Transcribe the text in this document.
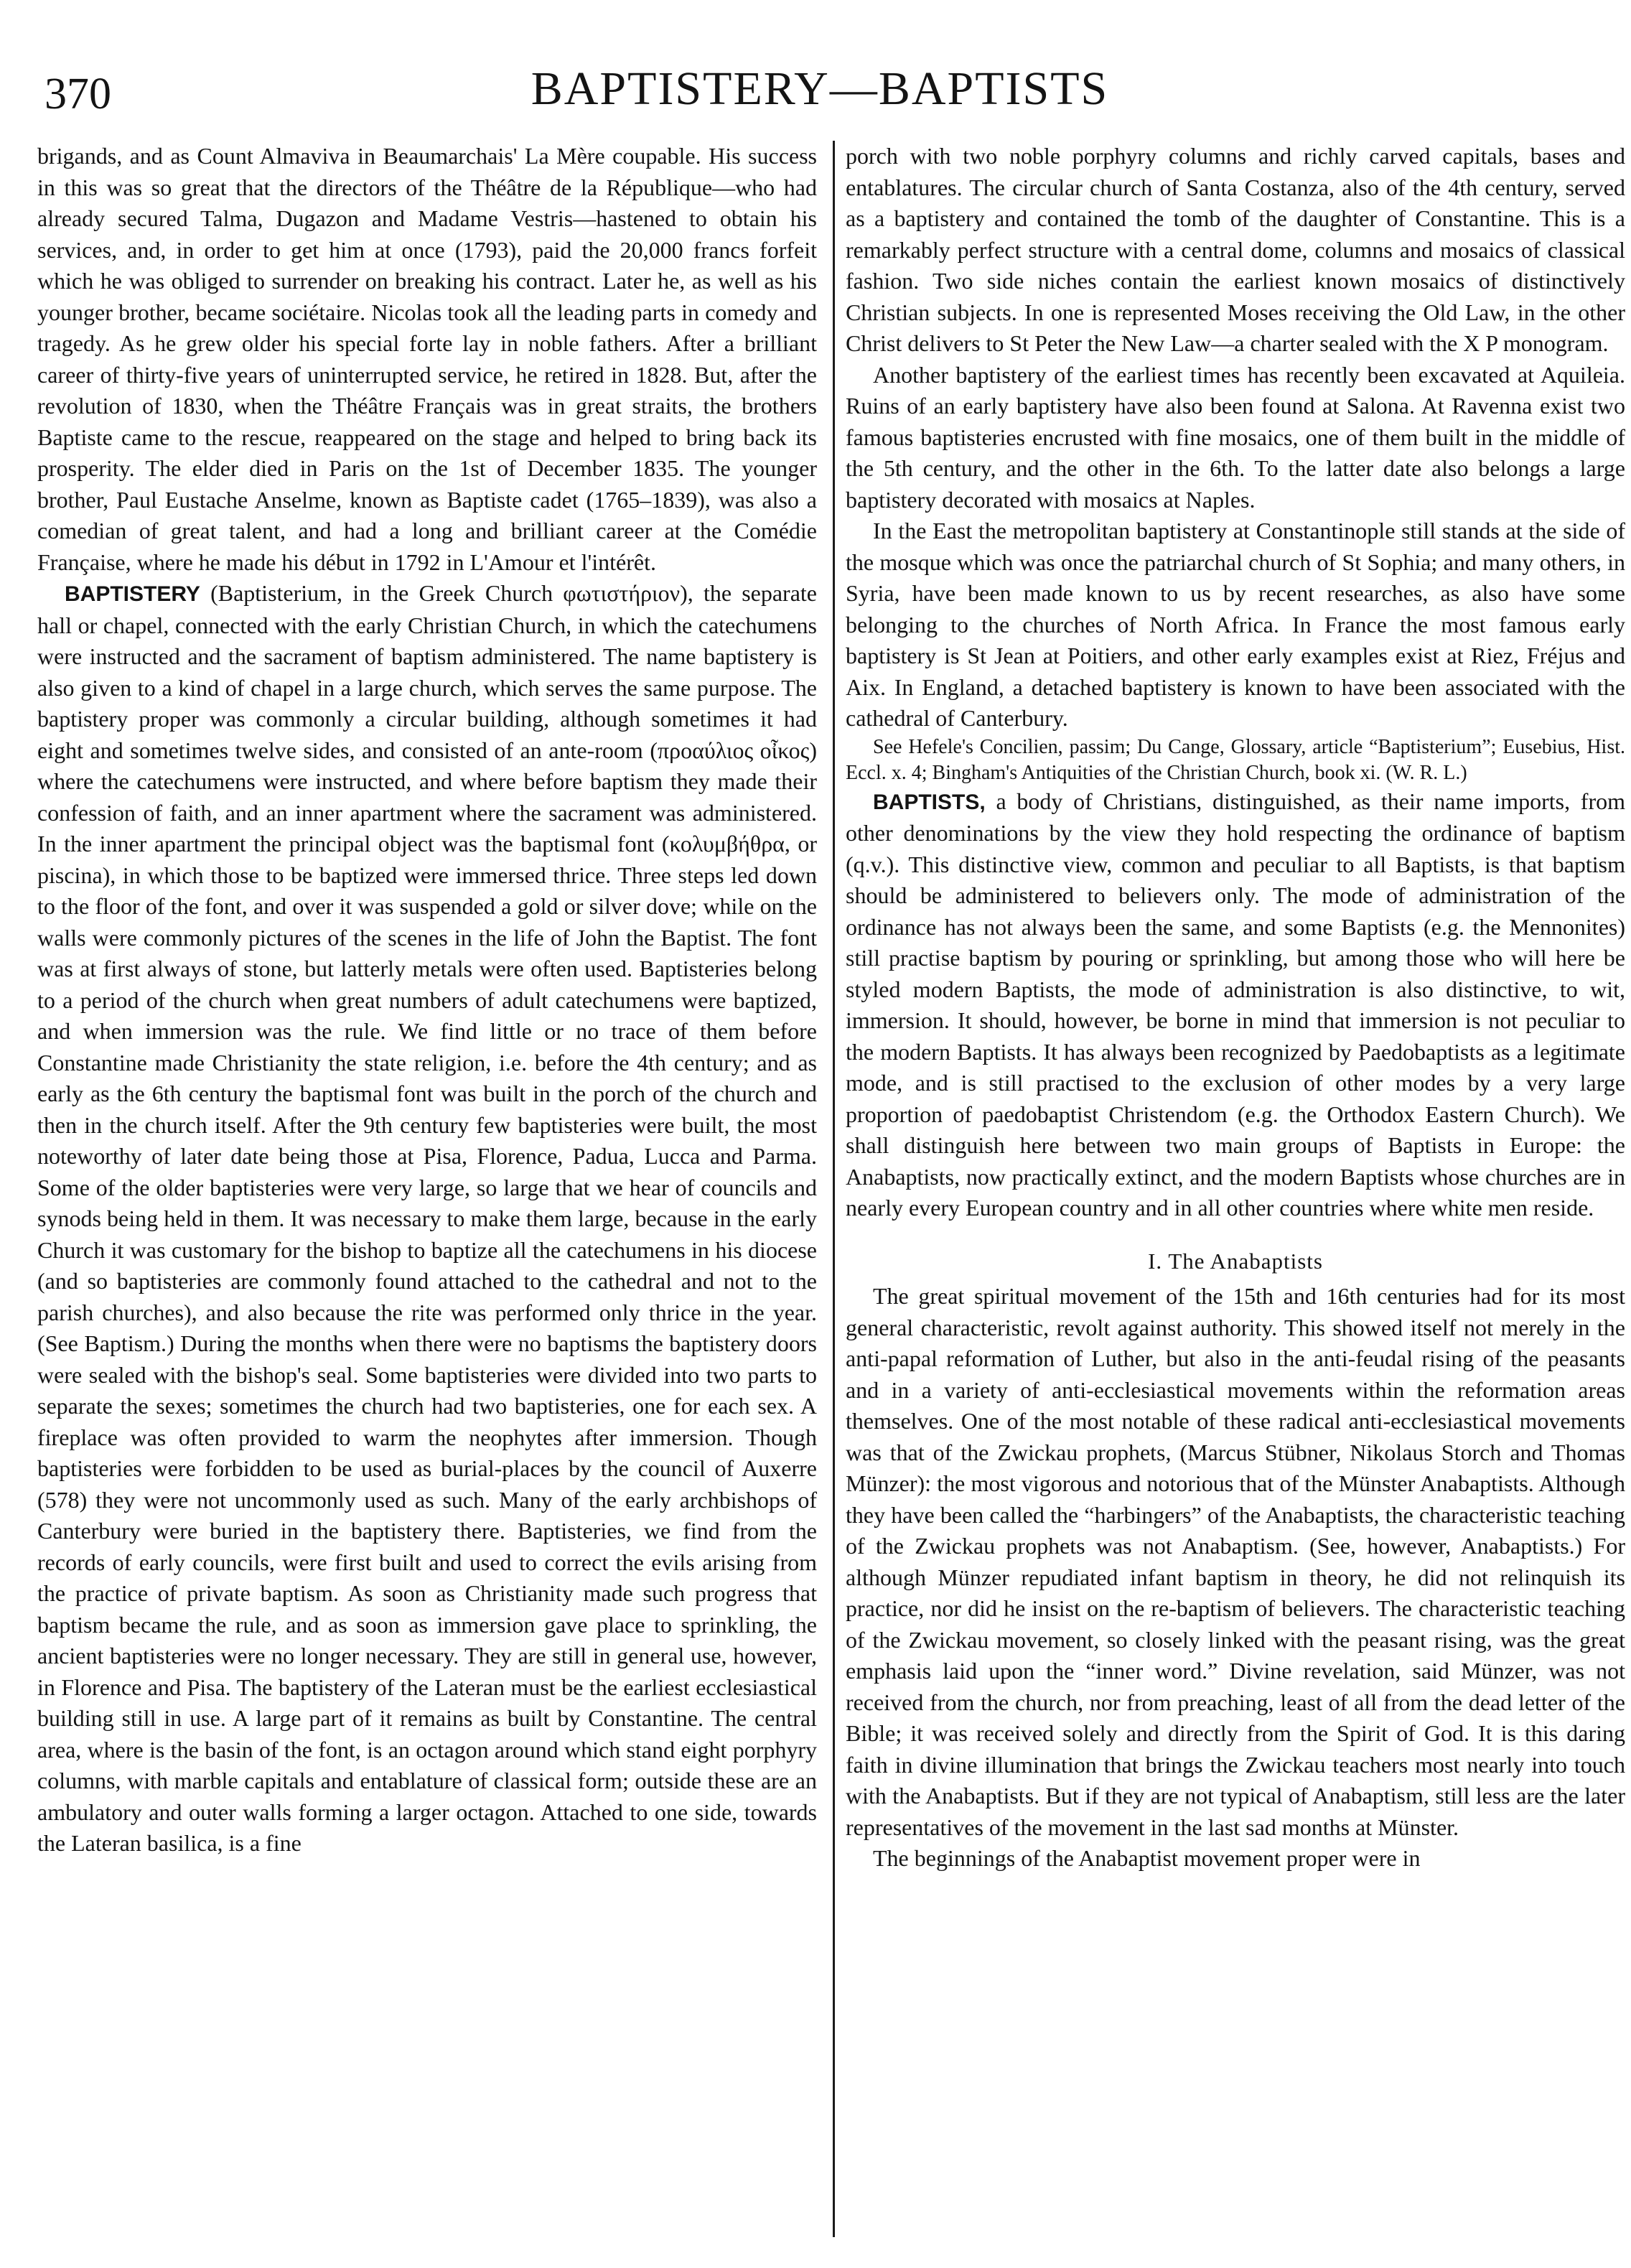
370	BAPTISTERY—BAPTISTS

brigands, and as Count Almaviva in Beaumarchais' La Mère coupable. His success in this was so great that the directors of the Théâtre de la République—who had already secured Talma, Dugazon and Madame Vestris—hastened to obtain his services, and, in order to get him at once (1793), paid the 20,000 francs forfeit which he was obliged to surrender on breaking his contract. Later he, as well as his younger brother, became sociétaire. Nicolas took all the leading parts in comedy and tragedy. As he grew older his special forte lay in noble fathers. After a brilliant career of thirty-five years of uninterrupted service, he retired in 1828. But, after the revolution of 1830, when the Théâtre Français was in great straits, the brothers Baptiste came to the rescue, reappeared on the stage and helped to bring back its prosperity. The elder died in Paris on the 1st of December 1835. The younger brother, Paul Eustache Anselme, known as Baptiste cadet (1765–1839), was also a comedian of great talent, and had a long and brilliant career at the Comédie Française, where he made his début in 1792 in L'Amour et l'intérêt.

BAPTISTERY (Baptisterium, in the Greek Church φωτιστήριον), the separate hall or chapel, connected with the early Christian Church, in which the catechumens were instructed and the sacrament of baptism administered. The name baptistery is also given to a kind of chapel in a large church, which serves the same purpose. The baptistery proper was commonly a circular building, although sometimes it had eight and sometimes twelve sides, and consisted of an ante-room (προαύλιος οἶκος) where the catechumens were instructed, and where before baptism they made their confession of faith, and an inner apartment where the sacrament was administered. In the inner apartment the principal object was the baptismal font (κολυμβήθρα, or piscina), in which those to be baptized were immersed thrice. Three steps led down to the floor of the font, and over it was suspended a gold or silver dove; while on the walls were commonly pictures of the scenes in the life of John the Baptist. The font was at first always of stone, but latterly metals were often used. Baptisteries belong to a period of the church when great numbers of adult catechumens were baptized, and when immersion was the rule. We find little or no trace of them before Constantine made Christianity the state religion, i.e. before the 4th century; and as early as the 6th century the baptismal font was built in the porch of the church and then in the church itself. After the 9th century few baptisteries were built, the most noteworthy of later date being those at Pisa, Florence, Padua, Lucca and Parma. Some of the older baptisteries were very large, so large that we hear of councils and synods being held in them. It was necessary to make them large, because in the early Church it was customary for the bishop to baptize all the catechumens in his diocese (and so baptisteries are commonly found attached to the cathedral and not to the parish churches), and also because the rite was performed only thrice in the year. (See Baptism.) During the months when there were no baptisms the baptistery doors were sealed with the bishop's seal. Some baptisteries were divided into two parts to separate the sexes; sometimes the church had two baptisteries, one for each sex. A fireplace was often provided to warm the neophytes after immersion. Though baptisteries were forbidden to be used as burial-places by the council of Auxerre (578) they were not uncommonly used as such. Many of the early archbishops of Canterbury were buried in the baptistery there. Baptisteries, we find from the records of early councils, were first built and used to correct the evils arising from the practice of private baptism. As soon as Christianity made such progress that baptism became the rule, and as soon as immersion gave place to sprinkling, the ancient baptisteries were no longer necessary. They are still in general use, however, in Florence and Pisa. The baptistery of the Lateran must be the earliest ecclesiastical building still in use. A large part of it remains as built by Constantine. The central area, where is the basin of the font, is an octagon around which stand eight porphyry columns, with marble capitals and entablature of classical form; outside these are an ambulatory and outer walls forming a larger octagon. Attached to one side, towards the Lateran basilica, is a fine

porch with two noble porphyry columns and richly carved capitals, bases and entablatures. The circular church of Santa Costanza, also of the 4th century, served as a baptistery and contained the tomb of the daughter of Constantine. This is a remarkably perfect structure with a central dome, columns and mosaics of classical fashion. Two side niches contain the earliest known mosaics of distinctively Christian subjects. In one is represented Moses receiving the Old Law, in the other Christ delivers to St Peter the New Law—a charter sealed with the X P monogram.

Another baptistery of the earliest times has recently been excavated at Aquileia. Ruins of an early baptistery have also been found at Salona. At Ravenna exist two famous baptisteries encrusted with fine mosaics, one of them built in the middle of the 5th century, and the other in the 6th. To the latter date also belongs a large baptistery decorated with mosaics at Naples.

In the East the metropolitan baptistery at Constantinople still stands at the side of the mosque which was once the patriarchal church of St Sophia; and many others, in Syria, have been made known to us by recent researches, as also have some belonging to the churches of North Africa. In France the most famous early baptistery is St Jean at Poitiers, and other early examples exist at Riez, Fréjus and Aix. In England, a detached baptistery is known to have been associated with the cathedral of Canterbury.

See Hefele's Concilien, passim; Du Cange, Glossary, article “Baptisterium”; Eusebius, Hist. Eccl. x. 4; Bingham's Antiquities of the Christian Church, book xi. (W. R. L.)

BAPTISTS, a body of Christians, distinguished, as their name imports, from other denominations by the view they hold respecting the ordinance of baptism (q.v.). This distinctive view, common and peculiar to all Baptists, is that baptism should be administered to believers only. The mode of administration of the ordinance has not always been the same, and some Baptists (e.g. the Mennonites) still practise baptism by pouring or sprinkling, but among those who will here be styled modern Baptists, the mode of administration is also distinctive, to wit, immersion. It should, however, be borne in mind that immersion is not peculiar to the modern Baptists. It has always been recognized by Paedobaptists as a legitimate mode, and is still practised to the exclusion of other modes by a very large proportion of paedobaptist Christendom (e.g. the Orthodox Eastern Church). We shall distinguish here between two main groups of Baptists in Europe: the Anabaptists, now practically extinct, and the modern Baptists whose churches are in nearly every European country and in all other countries where white men reside.

I. The Anabaptists

The great spiritual movement of the 15th and 16th centuries had for its most general characteristic, revolt against authority. This showed itself not merely in the anti-papal reformation of Luther, but also in the anti-feudal rising of the peasants and in a variety of anti-ecclesiastical movements within the reformation areas themselves. One of the most notable of these radical anti-ecclesiastical movements was that of the Zwickau prophets, (Marcus Stübner, Nikolaus Storch and Thomas Münzer): the most vigorous and notorious that of the Münster Anabaptists. Although they have been called the “harbingers” of the Anabaptists, the characteristic teaching of the Zwickau prophets was not Anabaptism. (See, however, Anabaptists.) For although Münzer repudiated infant baptism in theory, he did not relinquish its practice, nor did he insist on the re-baptism of believers. The characteristic teaching of the Zwickau movement, so closely linked with the peasant rising, was the great emphasis laid upon the “inner word.” Divine revelation, said Münzer, was not received from the church, nor from preaching, least of all from the dead letter of the Bible; it was received solely and directly from the Spirit of God. It is this daring faith in divine illumination that brings the Zwickau teachers most nearly into touch with the Anabaptists. But if they are not typical of Anabaptism, still less are the later representatives of the movement in the last sad months at Münster.

The beginnings of the Anabaptist movement proper were in
